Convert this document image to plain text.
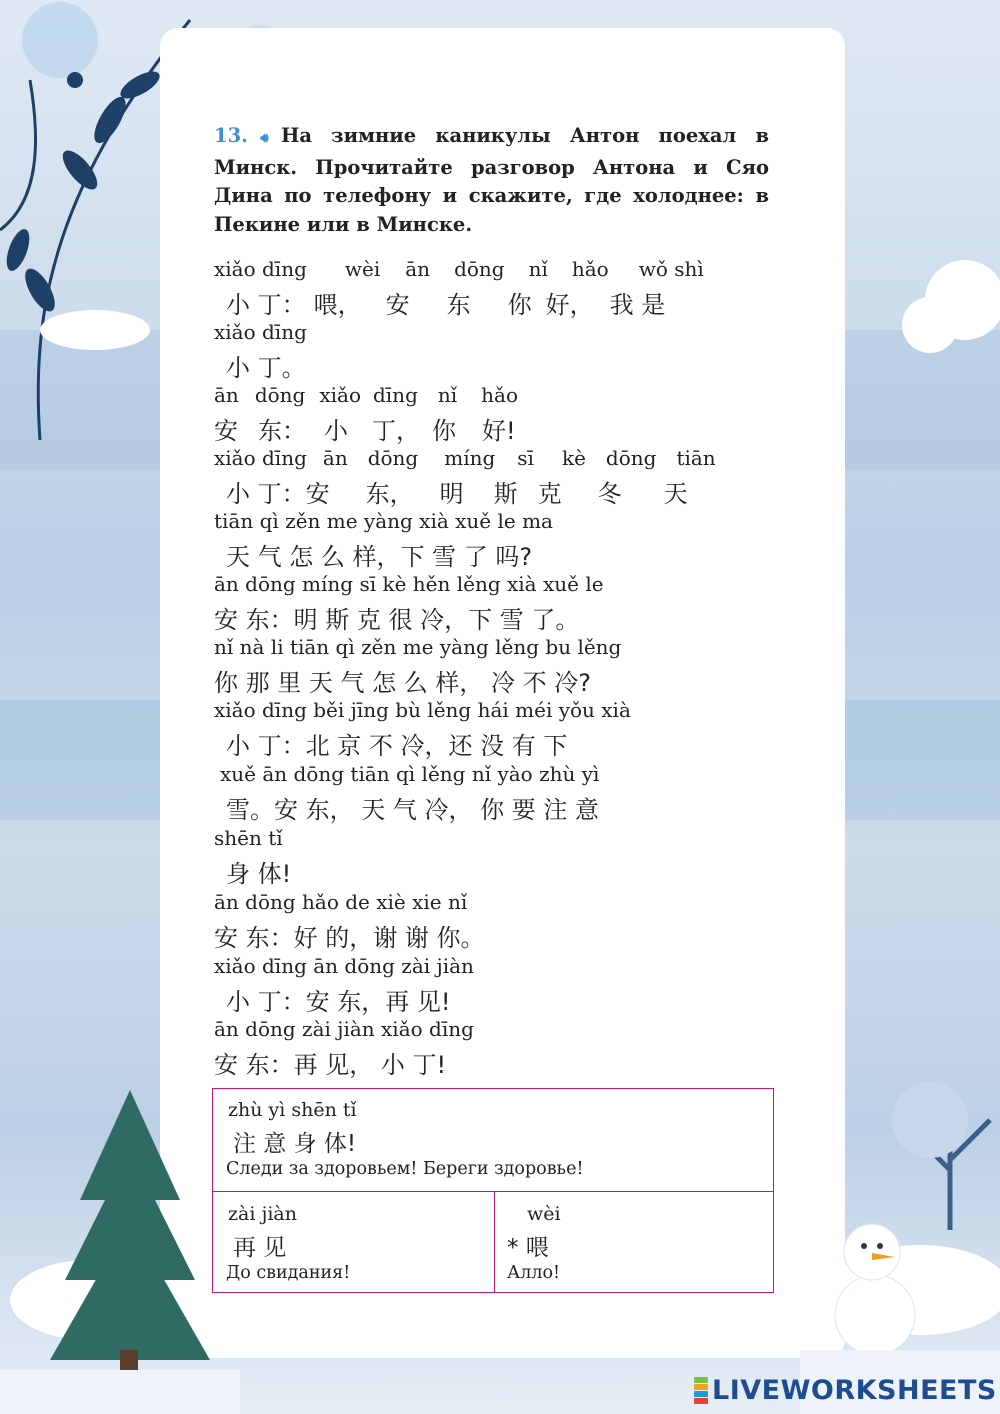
13.🔊︎На зимние каникулы Антон поехал в Минск. Прочитайте разговор Антона и Сяо Дина по телефону и скажите, где холоднее: в Пекине или в Минске.
xiǎo dīng wèi ān dōng nǐ hǎo wǒ shì
小 丁： 喂， 安 东 你 好， 我 是
xiǎo dīng
小 丁。
ān dōng xiǎo dīng nǐ hǎo
安 东： 小 丁， 你 好!
xiǎo dīng ān dōng míng sī kè dōng tiān
小 丁：安 东， 明 斯 克 冬 天
tiān qì zěn me yàng xià xuě le ma
天 气 怎 么 样，下 雪 了 吗?
ān dōng míng sī kè hěn lěng xià xuě le
安 东：明 斯 克 很 冷，下 雪 了。
nǐ nà li tiān qì zěn me yàng lěng bu lěng
你 那 里 天 气 怎 么 样， 冷 不 冷?
xiǎo dīng běi jīng bù lěng hái méi yǒu xià
小 丁：北 京 不 冷，还 没 有 下
xuě ān dōng tiān qì lěng nǐ yào zhù yì
雪。安 东， 天 气 冷， 你 要 注 意
shēn tǐ
身 体!
ān dōng hǎo de xiè xie nǐ
安 东：好 的，谢 谢 你。
xiǎo dīng ān dōng zài jiàn
小 丁：安 东，再 见!
ān dōng zài jiàn xiǎo dīng
安 东：再 见， 小 丁!
zhù yì shēn tǐ
注 意 身 体!
Следи за здоровьем! Береги здоровье!
zài jiàn
再 见
До свидания!
wèi
* 喂
Алло!
LIVEWORKSHEETS
